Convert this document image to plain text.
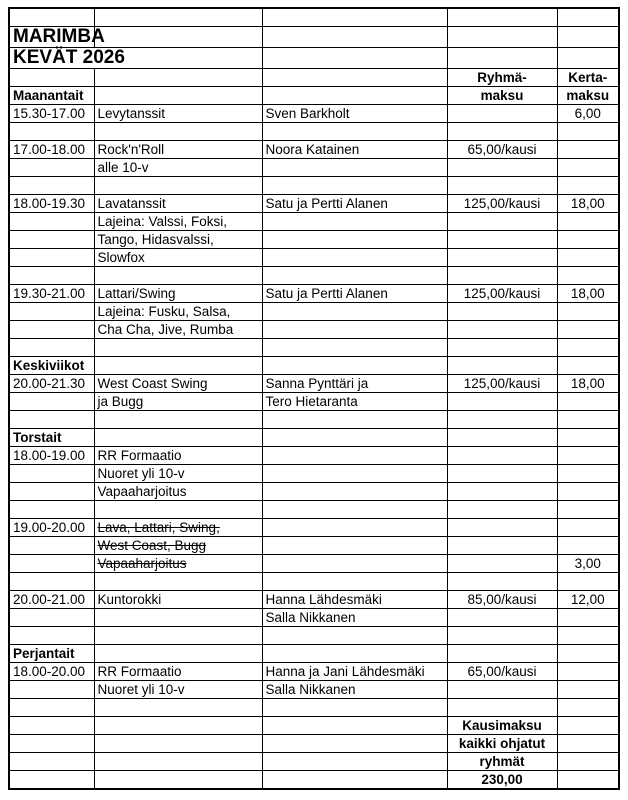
MARIMBA				
KEVÄT 2026				
			Ryhmä-	Kerta-
Maanantait			maksu	maksu
15.30-17.00	Levytanssit	Sven Barkholt		6,00

17.00-18.00	Rock'n'Roll	Noora Katainen	65,00/kausi	
	alle 10-v			

18.00-19.30	Lavatanssit	Satu ja Pertti Alanen	125,00/kausi	18,00
	Lajeina: Valssi, Foksi,			
	Tango, Hidasvalssi,			
	Slowfox			

19.30-21.00	Lattari/Swing	Satu ja Pertti Alanen	125,00/kausi	18,00
	Lajeina: Fusku, Salsa,			
	Cha Cha, Jive, Rumba			

Keskiviikot				
20.00-21.30	West Coast Swing	Sanna Pynttäri ja	125,00/kausi	18,00
	ja Bugg	Tero Hietaranta		

Torstait				
18.00-19.00	RR Formaatio			
	Nuoret yli 10-v			
	Vapaaharjoitus			

19.00-20.00	Lava, Lattari, Swing,			
	West Coast, Bugg			
	Vapaaharjoitus			3,00

20.00-21.00	Kuntorokki	Hanna Lähdesmäki	85,00/kausi	12,00
		Salla Nikkanen		

Perjantait				
18.00-20.00	RR Formaatio	Hanna ja Jani Lähdesmäki	65,00/kausi	
	Nuoret yli 10-v	Salla Nikkanen		

			Kausimaksu	
			kaikki ohjatut	
			ryhmät	
			230,00	
